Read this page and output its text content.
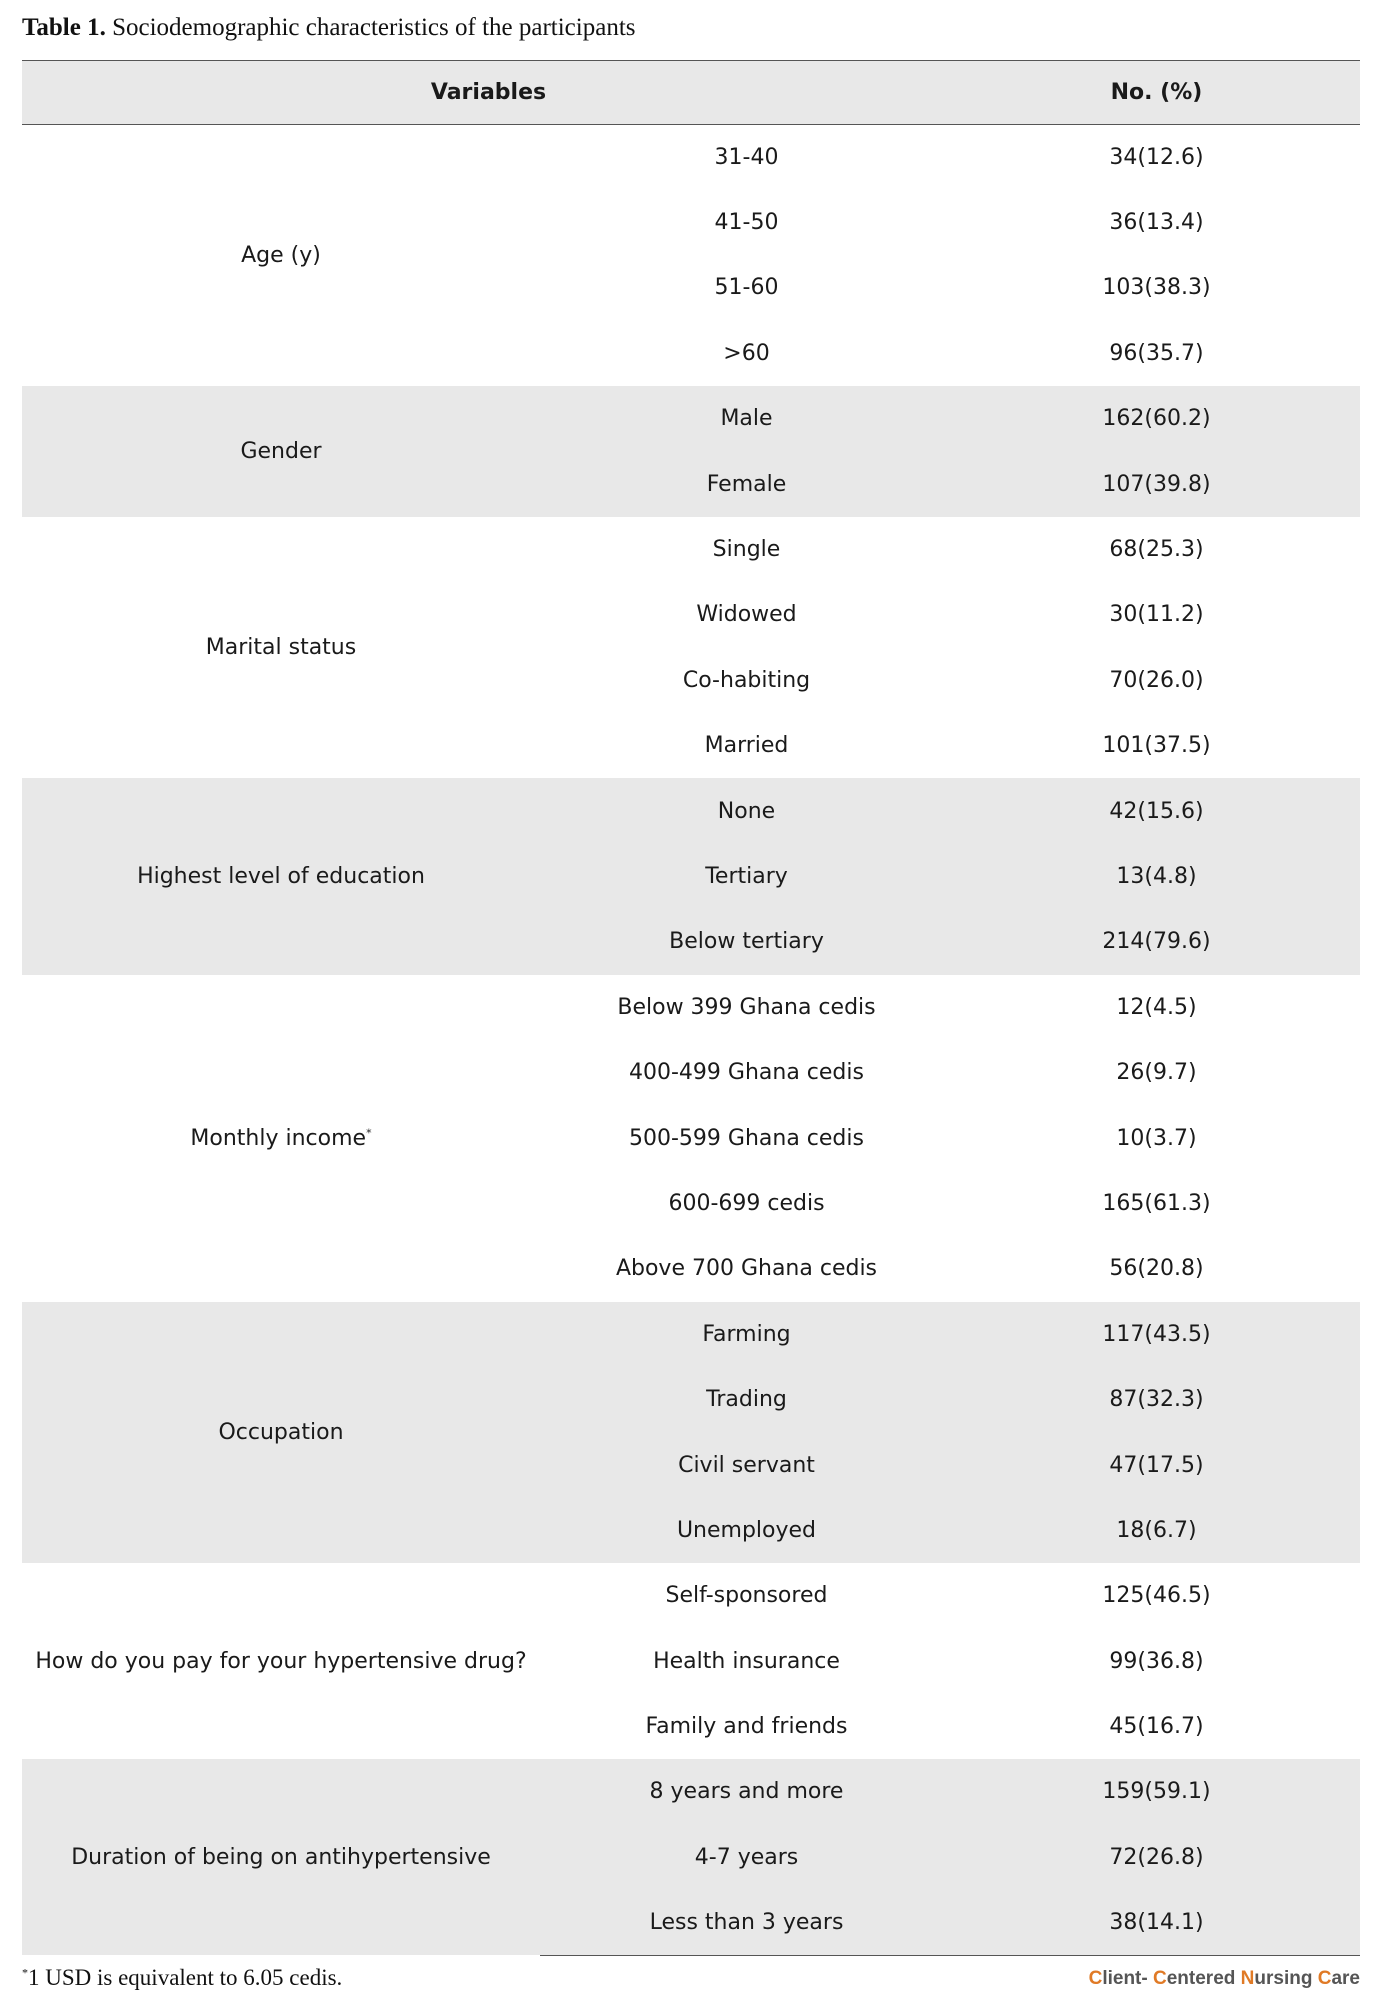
Table 1. Sociodemographic characteristics of the participants
Variables		No. (%)
Age (y)	31-40	34(12.6)
	41-50	36(13.4)
	51-60	103(38.3)
	>60	96(35.7)
Gender	Male	162(60.2)
	Female	107(39.8)
Marital status	Single	68(25.3)
	Widowed	30(11.2)
	Co-habiting	70(26.0)
	Married	101(37.5)
Highest level of education	None	42(15.6)
	Tertiary	13(4.8)
	Below tertiary	214(79.6)
Monthly income*	Below 399 Ghana cedis	12(4.5)
	400-499 Ghana cedis	26(9.7)
	500-599 Ghana cedis	10(3.7)
	600-699 cedis	165(61.3)
	Above 700 Ghana cedis	56(20.8)
Occupation	Farming	117(43.5)
	Trading	87(32.3)
	Civil servant	47(17.5)
	Unemployed	18(6.7)
How do you pay for your hypertensive drug?	Self-sponsored	125(46.5)
	Health insurance	99(36.8)
	Family and friends	45(16.7)
Duration of being on antihypertensive	8 years and more	159(59.1)
	4-7 years	72(26.8)
	Less than 3 years	38(14.1)
*1 USD is equivalent to 6.05 cedis.	Client- Centered Nursing Care
